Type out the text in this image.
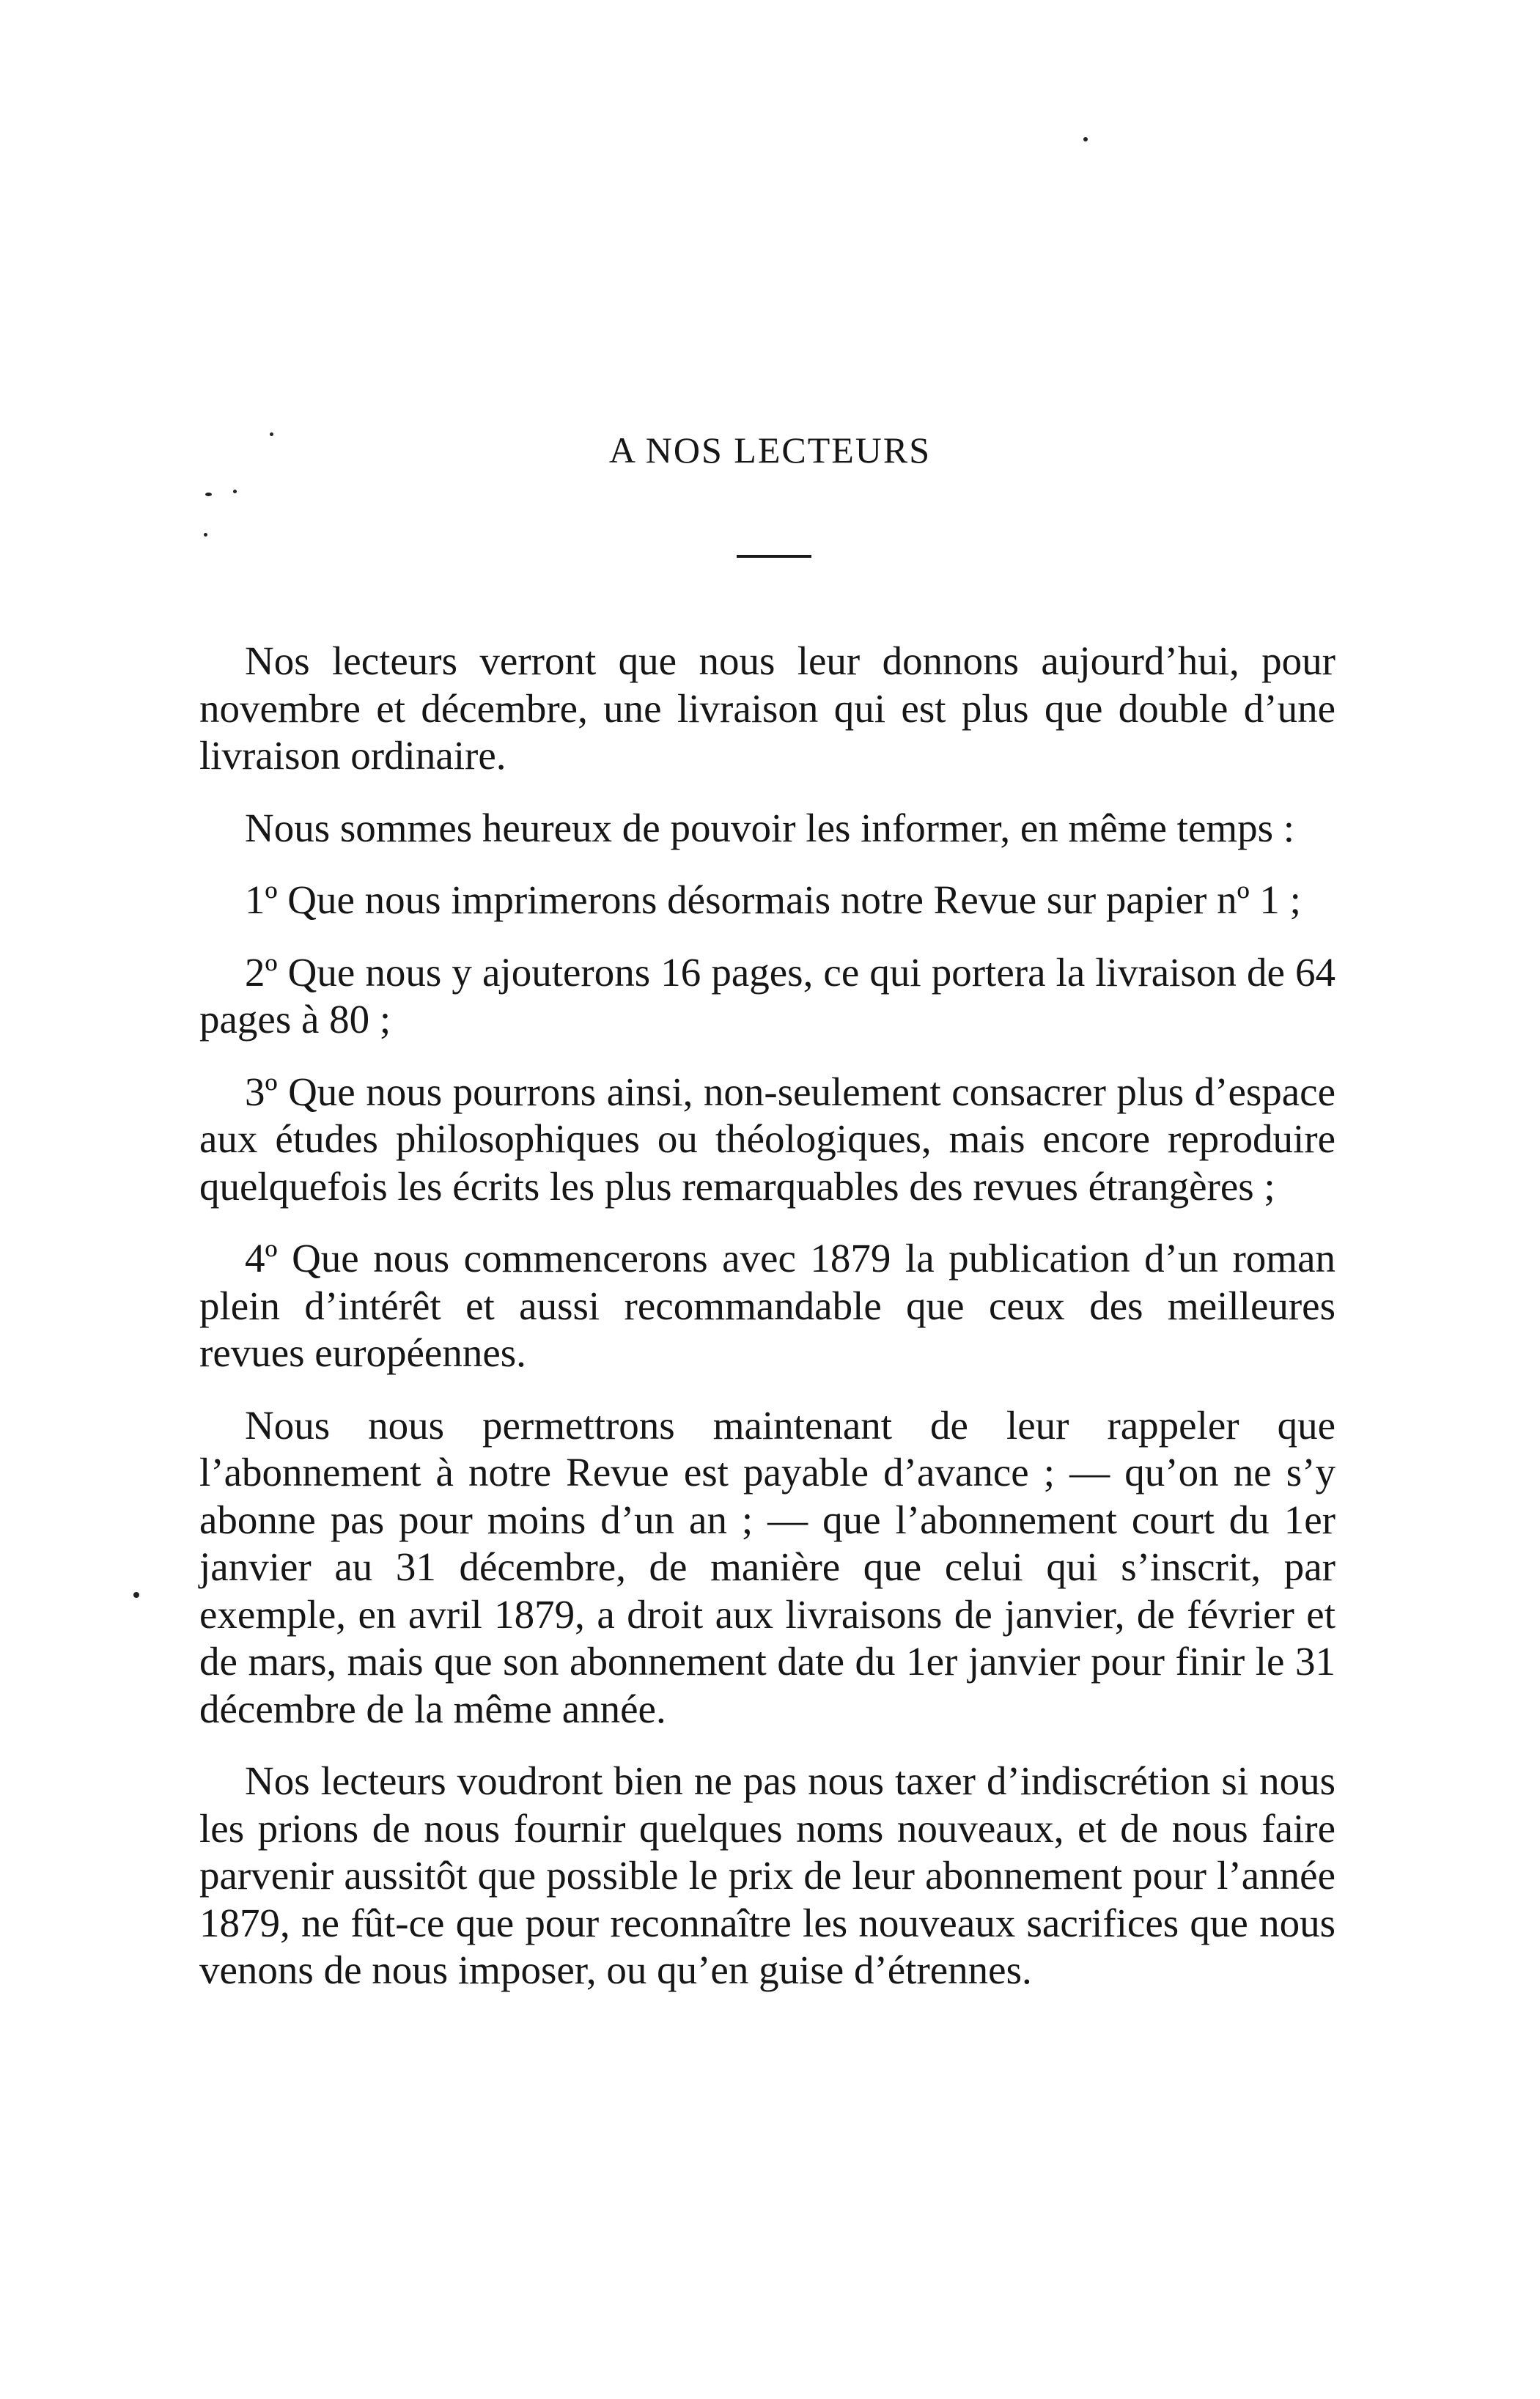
A NOS LECTEURS

Nos lecteurs verront que nous leur donnons aujourd’hui, pour novembre et décembre, une livraison qui est plus que double d’une livraison ordinaire.

Nous sommes heureux de pouvoir les informer, en même temps :

1º Que nous imprimerons désormais notre Revue sur papier nº 1 ;

2º Que nous y ajouterons 16 pages, ce qui portera la livraison de 64 pages à 80 ;

3º Que nous pourrons ainsi, non-seulement consacrer plus d’espace aux études philosophiques ou théologiques, mais encore reproduire quelquefois les écrits les plus remarquables des revues étrangères ;

4º Que nous commencerons avec 1879 la publication d’un roman plein d’intérêt et aussi recommandable que ceux des meilleures revues européennes.

Nous nous permettrons maintenant de leur rappeler que l’abonnement à notre Revue est payable d’avance ; — qu’on ne s’y abonne pas pour moins d’un an ; — que l’abonnement court du 1er janvier au 31 décembre, de manière que celui qui s’inscrit, par exemple, en avril 1879, a droit aux livraisons de janvier, de février et de mars, mais que son abonnement date du 1er janvier pour finir le 31 décembre de la même année.

Nos lecteurs voudront bien ne pas nous taxer d’indiscrétion si nous les prions de nous fournir quelques noms nouveaux, et de nous faire parvenir aussitôt que possible le prix de leur abonnement pour l’année 1879, ne fût-ce que pour reconnaître les nouveaux sacrifices que nous venons de nous imposer, ou qu’en guise d’étrennes.
